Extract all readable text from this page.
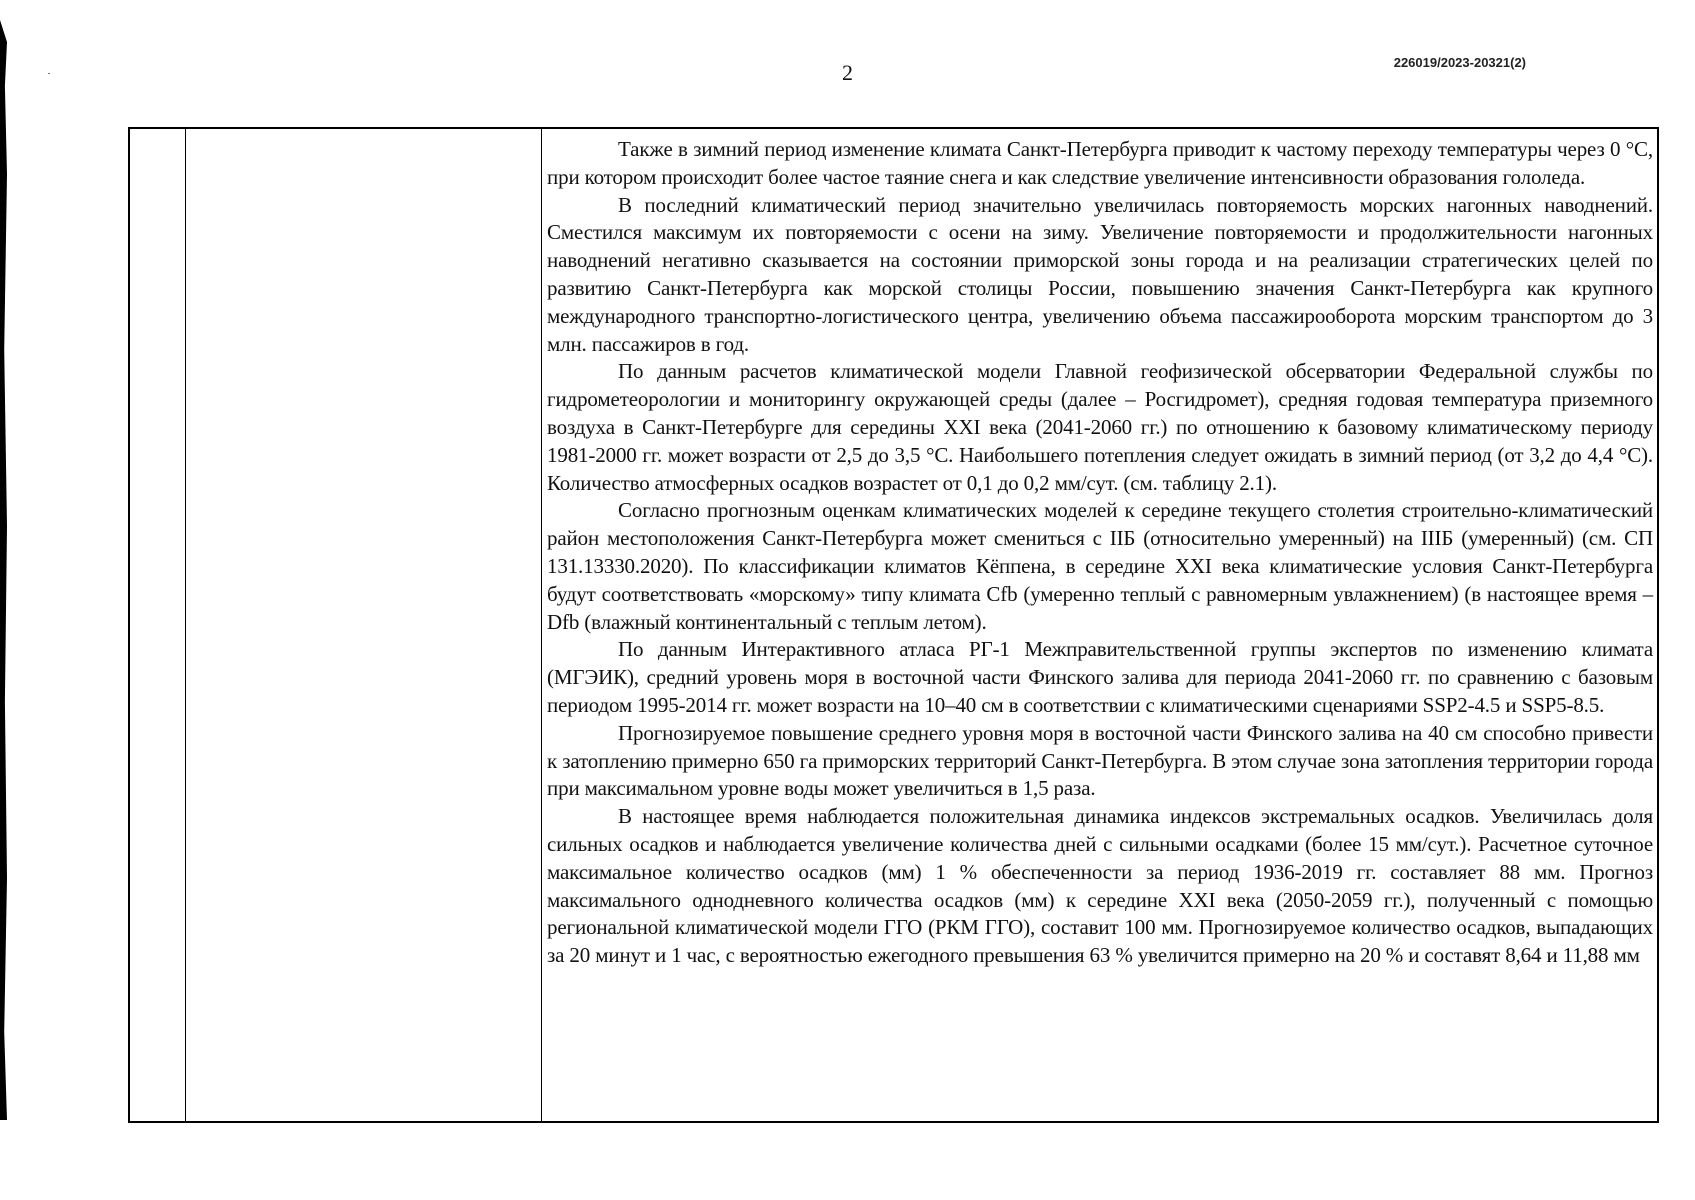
2	226019/2023-20321(2)

Также в зимний период изменение климата Санкт-Петербурга приводит к частому переходу температуры через 0 °С, при котором происходит более частое таяние снега и как следствие увеличение интенсивности образования гололеда.

В последний климатический период значительно увеличилась повторяемость морских нагонных наводнений. Сместился максимум их повторяемости с осени на зиму. Увеличение повторяемости и продолжительности нагонных наводнений негативно сказывается на состоянии приморской зоны города и на реализации стратегических целей по развитию Санкт-Петербурга как морской столицы России, повышению значения Санкт-Петербурга как крупного международного транспортно-логистического центра, увеличению объема пассажирооборота морским транспортом до 3 млн. пассажиров в год.

По данным расчетов климатической модели Главной геофизической обсерватории Федеральной службы по гидрометеорологии и мониторингу окружающей среды (далее – Росгидромет), средняя годовая температура приземного воздуха в Санкт-Петербурге для середины XXI века (2041-2060 гг.) по отношению к базовому климатическому периоду 1981-2000 гг. может возрасти от 2,5 до 3,5 °С. Наибольшего потепления следует ожидать в зимний период (от 3,2 до 4,4 °С). Количество атмосферных осадков возрастет от 0,1 до 0,2 мм/сут. (см. таблицу 2.1).

Согласно прогнозным оценкам климатических моделей к середине текущего столетия строительно-климатический район местоположения Санкт-Петербурга может смениться с IIБ (относительно умеренный) на IIIБ (умеренный) (см. СП 131.13330.2020). По классификации климатов Кёппена, в середине XXI века климатические условия Санкт-Петербурга будут соответствовать «морскому» типу климата Cfb (умеренно теплый с равномерным увлажнением) (в настоящее время – Dfb (влажный континентальный с теплым летом).

По данным Интерактивного атласа РГ-1 Межправительственной группы экспертов по изменению климата (МГЭИК), средний уровень моря в восточной части Финского залива для периода 2041-2060 гг. по сравнению с базовым периодом 1995-2014 гг. может возрасти на 10–40 см в соответствии с климатическими сценариями SSP2-4.5 и SSP5-8.5.

Прогнозируемое повышение среднего уровня моря в восточной части Финского залива на 40 см способно привести к затоплению примерно 650 га приморских территорий Санкт-Петербурга. В этом случае зона затопления территории города при максимальном уровне воды может увеличиться в 1,5 раза.

В настоящее время наблюдается положительная динамика индексов экстремальных осадков. Увеличилась доля сильных осадков и наблюдается увеличение количества дней с сильными осадками (более 15 мм/сут.). Расчетное суточное максимальное количество осадков (мм) 1 % обеспеченности за период 1936-2019 гг. составляет 88 мм. Прогноз максимального однодневного количества осадков (мм) к середине XXI века (2050-2059 гг.), полученный с помощью региональной климатической модели ГГО (РКМ ГГО), составит 100 мм. Прогнозируемое количество осадков, выпадающих за 20 минут и 1 час, с вероятностью ежегодного превышения 63 % увеличится примерно на 20 % и составят 8,64 и 11,88 мм
